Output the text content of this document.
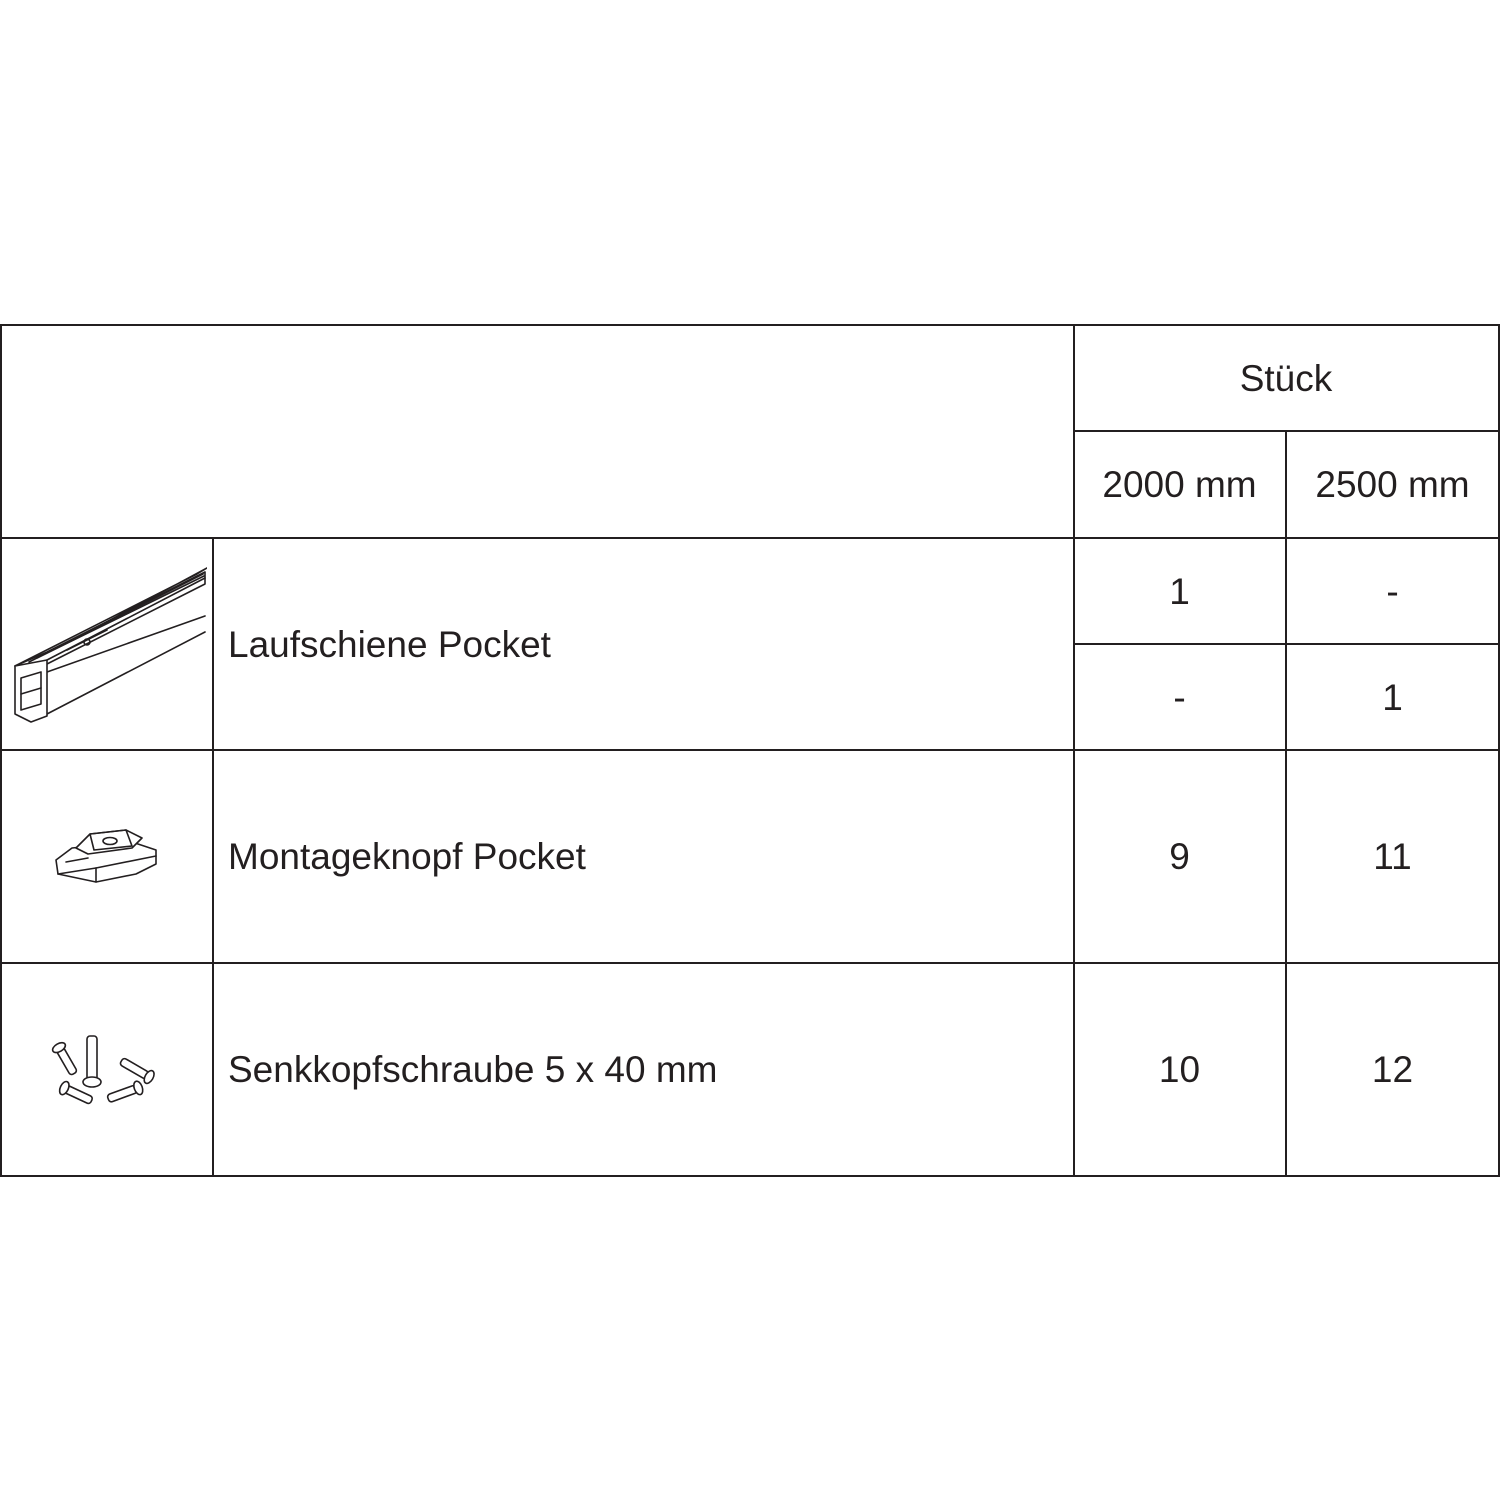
Stück
2000 mm 2500 mm
Laufschiene Pocket
1	-
-	1
Montageknopf Pocket	9	11
Senkkopfschraube 5 x 40 mm	10	12
